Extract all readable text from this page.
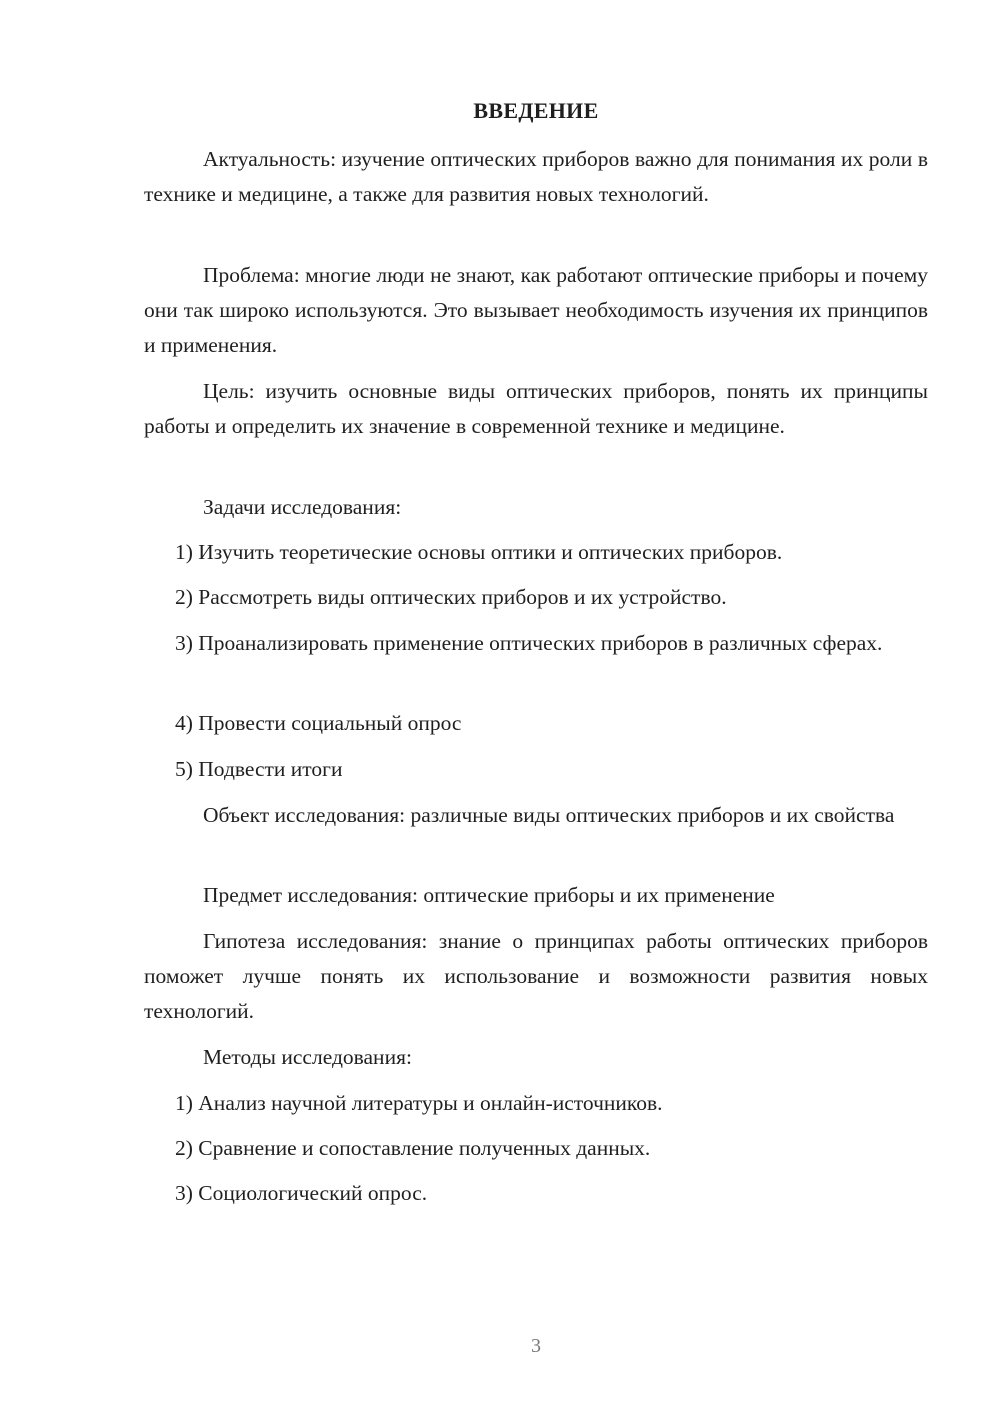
ВВЕДЕНИЕ

Актуальность: изучение оптических приборов важно для понимания их роли в технике и медицине, а также для развития новых технологий.

Проблема: многие люди не знают, как работают оптические приборы и почему они так широко используются. Это вызывает необходимость изучения их принципов и применения.

Цель: изучить основные виды оптических приборов, понять их принципы работы и определить их значение в современной технике и медицине.

Задачи исследования:

1) Изучить теоретические основы оптики и оптических приборов.

2) Рассмотреть виды оптических приборов и их устройство.

3) Проанализировать применение оптических приборов в различных сферах.

4) Провести социальный опрос

5) Подвести итоги

Объект исследования: различные виды оптических приборов и их свойства

Предмет исследования: оптические приборы и их применение

Гипотеза исследования: знание о принципах работы оптических приборов поможет лучше понять их использование и возможности развития новых технологий.

Методы исследования:

1) Анализ научной литературы и онлайн-источников.

2) Сравнение и сопоставление полученных данных.

3) Социологический опрос.

3
